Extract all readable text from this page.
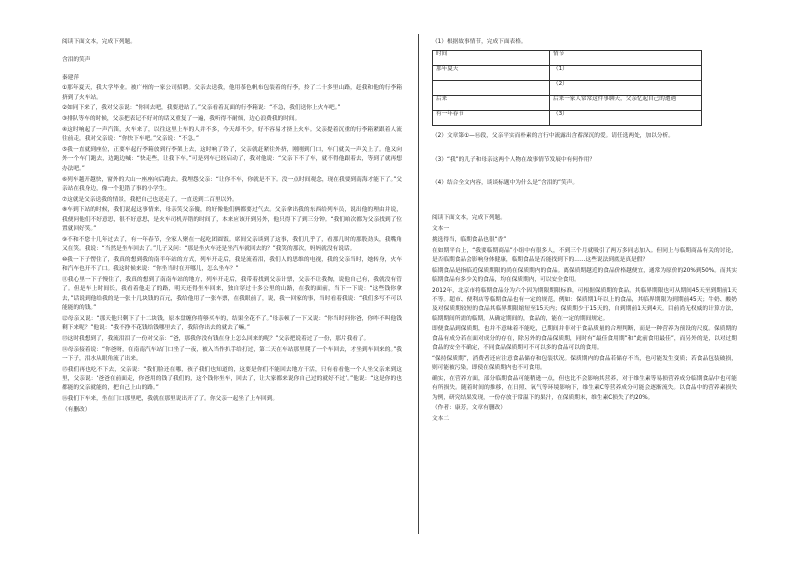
阅读下面文本，完成下列题。

含泪的笑声

秦建萍

①那年夏天，我大学毕业。被广州的一家公司招聘。父亲去送我，他用茶色帆布包装着的行李，拎了二十多里山路，赶我和他的行李箱挤到了火车站。

②如同下来了，我对父亲说：“你回去吧，我要进站了。”父亲看着瓦面的行李箱说：“不急，我们送你上火车吧。”

③排队等车的时候，父亲把表记不好对的话又重复了一遍，我听得不耐烦，边心浪费我的时间。

④这时响起了一声汽笛，火车来了，以往这里上车的人并不多，今天却不少，好不容易才挤上火车。父亲提着沉重的行李箱紧跟着人流往前走，我对父亲说：“你快下车吧。”父亲说：“不急。”

⑤我一直就到座位，正要车起行李箱放到行李架上去，这时响了铃了，父亲就赶紧往外挤，刚刚到门口，车门就关一声关上了。他又向外一个车门跑去，边跑边喊：“快走些，让我下车。”可是列车已经启动了，我对他说：“父亲下不了车，就不得他跟着去，等到了就再想办法吧。”

⑥列车越开越快，窗外的大山一座座向后跑去。我埋怨父亲：“让你不车，你就是不下。没一点时间观念，现在我要到南海才能下了。”父亲站在我身边，像一个犯错了事的小学生。

⑦这就是父亲送我的情景，我把自己也送走了，一直送到二百里以外。

⑧车到下站的时候，我们说起这事情来，母亲笑父亲傻，的好像他们俩都要过气去。父亲拿出我的东西给列车员，说出他的理由并说，我便问他们不好意思，很不好意思，是火车司机弄错的时间了，本来应该开到另外，他只得下了到三分钟。“我们咱次都为父亲找到了位置就回好笑。”

⑨不和不您十几年过去了，有一年春节，全家人聚在一起吃团圆饭。席间父亲谈到了这事，我们几乎了，看那几时的那股劲头，我嘴角又在笑。我说：“当然是坐车回去了。”儿子又问：“那是坐火车还是坐汽车就回去的？”我笑的那次，妈妈就没有说话。

⑩我一下子愣住了，我真的想到我的南半年站的方式，列车开走后，我是流着泪，我们人的思维的电视，我的父亲当时，她转身，火车和汽车也开不了口。我这时候来说：“你坐当时在开哪儿，怎么坐车？”

⑪我心里一下子慢住了，我真的想到了南南车站的地方，列车开走后，我带着找到父亲计票，父亲不让我掏，说他自己有，我就没有管了。但是车上时间长，我看着他走了的路，明天还得坐车回来，独自穿过十多公里的山路，在我的面前，当下一下说：“这些钱你拿去，”话说到他给我的是一张十几块钱的百元，我给他用了一张车票，在我眼前了，说，我一回家的事，当时看着我说：“我们多写不可以能能的的钱。”

⑫母亲又说：“那天他只剩下了十二块钱，原本盘缠你将够买车的，结果全花不了。”母亲顿了一下又说：“你当时问你爸，你咋不叫他钱剩下来呢？”他说：“我不挣不花钱给钱哪里去了，我陪你出去的就去了嘛。”

⑬这时我想到了，我流泪泪了一份对父亲：“爸，那我你没有钱在身上怎么回来的呢？”父亲把说着过了一份，那片我看了。

⑭母亲接着说：“你爸呀，在南南汽车站门口坐了一夜，被入当作扒手给打过，第二天在车站那里爬了一个车回去，才坐到车回来的。”我一下子，泪水从眼角流了出来。

⑮我们再也吃不下去，父亲说：“我们脸还在哪，孩子我们也知道的，这要是你们不能回去地方干活，只有看看他一个人坐父亲来到这里，父亲说：‘爸爸在前面走，你爸用的钱了我们的，这个钱你坐车，回去了，让大家都来说你自己过的就好不过’。”他说：“这是你的也都能的父亲就能的，把自己上山的路。”

⑯我们下车来，坐在门口那里吧，我就在那里说出开了了。你父亲一起坐了上车回到。

（有删改）

（1）根据故事情节，完成下面表格。

时间	情节
那年夏天	（1）
	（2）
后来	后来一家人常常这件事聊天，父亲忆起自己的遭遇
有一年春节	（3）

（2）文章第①—⑯段，父亲平实而朴素的言行中流露出含蓄深沉的爱。请任选两处，加以分析。

（3）“我”的儿子和母亲这两个人物在故事情节发展中有何作用？

（4）结合全文内容，谈谈标题中为什么是“含泪的”笑声。

阅读下面文本，完成下列题。

文本一

挑选得当，临期食品也很“香”

在如期平台上，“我要临期商品”小组中有很多人，不到三个月就吸引了两万多同志加入。但同上与临期商品有关的讨论，是否临期食品会影响身体健康，临期食品是否能找到下的……这些说法到底是真是假？

临期食品是指临近保质期限的尚在保质期内的食品。离保质期越近的食品价格越便宜，通常为原价的20%到50%。而其实临期食品有多少关的食品，均在保质期内，可以安全食用。

2012年，北京市将临期食品分为六个因为期限期限标准，可根据保质期的食品，其临界期限也可从期间45天至到期前1天不等。超市、便利店等临期食品也有一定的规范，例如：保质期1年以上的食品，其临界期限为到期前45天；牛奶、酸奶及对保质期较短的食品其临界期限缩短至15天内；保质期少于15天的，自到期前1天到4天。目前尚无权威的计算方法，临期期间所需的临期，从确定期间的，食品的，能在一定的期间规定。

即便食品到保质期，也并不意味着不能吃，已期间并非对于食品质量的合理判断，而是一种营养为预设的尺度。保质期的食品有成分若在面对成分的存在，除另外的食品保质期，同时有“最佳食用期”和“此前食用最佳”，而另外的是，以对过期食品的安全不确定，不同食品保质期可不可以多的食品可以的食用。

“保持保质期”，消费者还应注意食品储存和包装状况。保质期内的食品若储存不当，也可能发生变质；若食品包装破损，则可能被污染，即使在保质期内也不可食用。

确实，在营养方面，部分临期食品可能稍逊一点，但也比不会影响其营养，对于维生素等易损营养成分临期食品中也可能有所损失。随着时间的推移，在日照、氧气等环境影响下，维生素C等营养成分可能会逐渐流失。以食品中的营养素损失为例，研究结果发现，一份存放于常温下的果汁，在保质期末，维生素C损失了约20%。

（作者：康芳，文章有删改）

文本二
